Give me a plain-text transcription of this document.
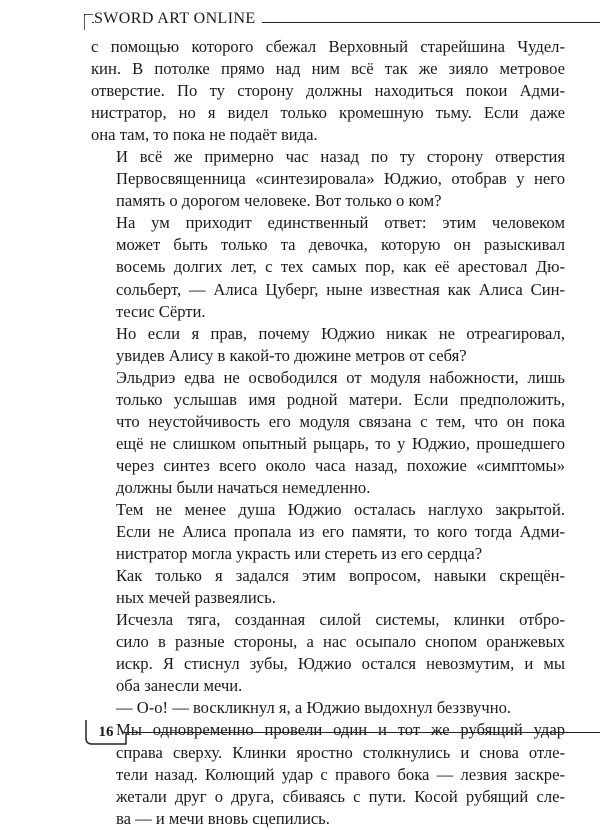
SWORD ART ONLINE

с помощью которого сбежал Верховный старейшина Чудел-
кин. В потолке прямо над ним всё так же зияло метровое
отверстие. По ту сторону должны находиться покои Адми-
нистратор, но я видел только кромешную тьму. Если даже
она там, то пока не подаёт вида.

И всё же примерно час назад по ту сторону отверстия
Первосвященница «синтезировала» Юджио, отобрав у него
память о дорогом человеке. Вот только о ком?

На ум приходит единственный ответ: этим человеком
может быть только та девочка, которую он разыскивал
восемь долгих лет, с тех самых пор, как её арестовал Дю-
сольберт, — Алиса Цуберг, ныне известная как Алиса Син-
тесис Сёрти.

Но если я прав, почему Юджио никак не отреагировал,
увидев Алису в какой-то дюжине метров от себя?

Эльдриэ едва не освободился от модуля набожности, лишь
только услышав имя родной матери. Если предположить,
что неустойчивость его модуля связана с тем, что он пока
ещё не слишком опытный рыцарь, то у Юджио, прошедшего
через синтез всего около часа назад, похожие «симптомы»
должны были начаться немедленно.

Тем не менее душа Юджио осталась наглухо закрытой.
Если не Алиса пропала из его памяти, то кого тогда Адми-
нистратор могла украсть или стереть из его сердца?

Как только я задался этим вопросом, навыки скрещён-
ных мечей развеялись.

Исчезла тяга, созданная силой системы, клинки отбро-
сило в разные стороны, а нас осыпало снопом оранжевых
искр. Я стиснул зубы, Юджио остался невозмутим, и мы
оба занесли мечи.

— О-о! — воскликнул я, а Юджио выдохнул беззвучно.

Мы одновременно провели один и тот же рубящий удар
справа сверху. Клинки яростно столкнулись и снова отле-
тели назад. Колющий удар с правого бока — лезвия заскре-
жетали друг о друга, сбиваясь с пути. Косой рубящий сле-
ва — и мечи вновь сцепились.

16
